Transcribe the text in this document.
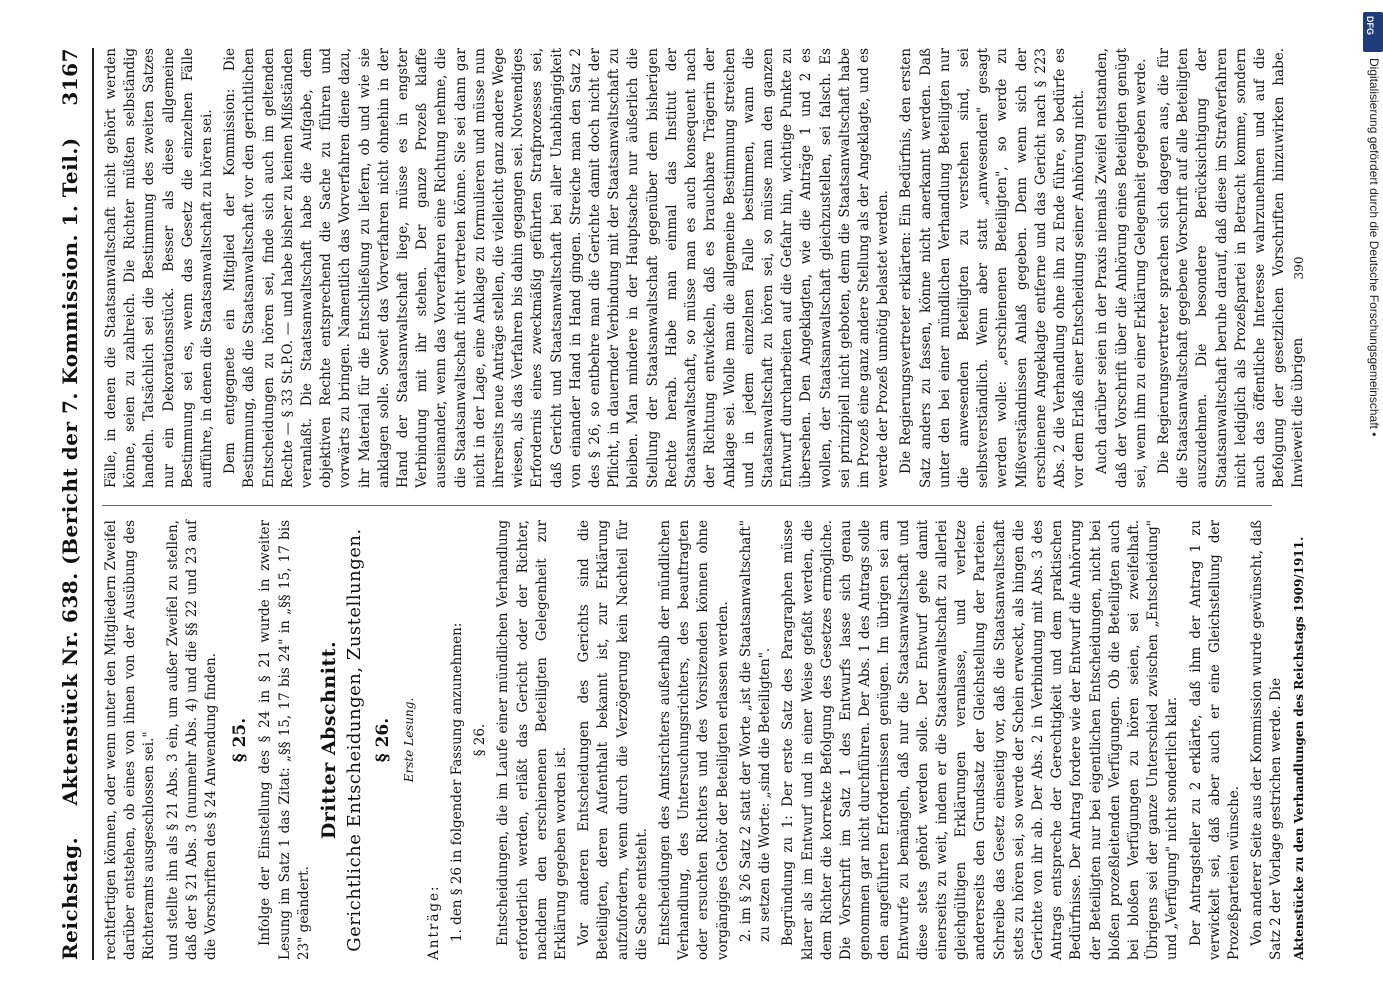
Reichstag.
Aktenstück Nr. 638. (Bericht der 7. Kommission. 1. Teil.)
3167

rechtfertigen können, oder wenn unter den Mitgliedern Zweifel darüber entstehen, ob eines von ihnen von der Ausübung des Richteramts ausgeschlossen sei." und stellte ihn als § 21 Abs. 3 ein, um außer Zweifel zu stellen, daß der § 21 Abs. 3 (nunmehr Abs. 4) und die §§ 22 und 23 auf die Vorschriften des § 24 Anwendung finden. § 25. Infolge der Einstellung des § 24 in § 21 wurde in zweiter Lesung im Satz 1 das Zitat: „§§ 15, 17 bis 24" in „§§ 15, 17 bis 23" geändert.

Dritter Abschnitt. Gerichtliche Entscheidungen, Zustellungen. § 26. Erste Lesung.

Anträge: 1. den § 26 in folgender Fassung anzunehmen: § 26. Entscheidungen, die im Laufe einer mündlichen Verhandlung erforderlich werden, erläßt das Gericht oder der Richter, nachdem den erschienenen Beteiligten Gelegenheit zur Erklärung gegeben worden ist. Vor anderen Entscheidungen des Gerichts sind die Beteiligten, deren Aufenthalt bekannt ist, zur Erklärung aufzufordern, wenn durch die Verzögerung kein Nachteil für die Sache entsteht. Entscheidungen des Amtsrichters außerhalb der mündlichen Verhandlung, des Untersuchungsrichters, des beauftragten oder ersuchten Richters und des Vorsitzenden können ohne vorgängiges Gehör der Beteiligten erlassen werden. 2. im § 26 Satz 2 statt der Worte „ist die Staatsanwaltschaft" zu setzen die Worte: „sind die Beteiligten". Begründung zu 1: Der erste Satz des Paragraphen müsse klarer als im Entwurf und in einer Weise gefaßt werden, die dem Richter die korrekte Befolgung des Gesetzes ermögliche. Die Vorschrift im Satz 1 des Entwurfs lasse sich genau genommen gar nicht durchführen. Der Abs. 1 des Antrags solle den angeführten Erfordernissen genügen. Im übrigen sei am Entwurfe zu bemängeln, daß nur die Staatsanwaltschaft und diese stets gehört werden solle. Der Entwurf gehe damit einerseits zu weit, indem er die Staatsanwaltschaft zu allerlei gleichgültigen Erklärungen veranlasse, und verletze andererseits den Grundsatz der Gleichstellung der Parteien. Schreibe das Gesetz einseitig vor, daß die Staatsanwaltschaft stets zu hören sei, so werde der Schein erweckt, als hingen die Gerichte von ihr ab. Der Abs. 2 in Verbindung mit Abs. 3 des Antrags entspreche der Gerechtigkeit und dem praktischen Bedürfnisse. Der Antrag fordere wie der Entwurf die Anhörung der Beteiligten nur bei eigentlichen Entscheidungen, nicht bei bloßen prozeßleitenden Verfügungen. Ob die Beteiligten auch bei bloßen Verfügungen zu hören seien, sei zweifelhaft. Übrigens sei der ganze Unterschied zwischen „Entscheidung" und „Verfügung" nicht sonderlich klar. Der Antragsteller zu 2 erklärte, daß ihm der Antrag 1 zu verwickelt sei, daß aber auch er eine Gleichstellung der Prozeßparteien wünsche. Von anderer Seite aus der Kommission wurde gewünscht, daß Satz 2 der Vorlage gestrichen werde. Die

Fälle, in denen die Staatsanwaltschaft nicht gehört werden könne, seien zu zahlreich. Die Richter müßten selbständig handeln. Tatsächlich sei die Bestimmung des zweiten Satzes nur ein Dekorationsstück. Besser als diese allgemeine Bestimmung sei es, wenn das Gesetz die einzelnen Fälle aufführe, in denen die Staatsanwaltschaft zu hören sei. Dem entgegnete ein Mitglied der Kommission: Die Bestimmung, daß die Staatsanwaltschaft vor den gerichtlichen Entscheidungen zu hören sei, finde sich auch im geltenden Rechte — § 33 St.P.O. — und habe bisher zu keinen Mißständen veranlaßt. Die Staatsanwaltschaft habe die Aufgabe, dem objektiven Rechte entsprechend die Sache zu führen und vorwärts zu bringen. Namentlich das Vorverfahren diene dazu, ihr Material für die Entschließung zu liefern, ob und wie sie anklagen solle. Soweit das Vorverfahren nicht ohnehin in der Hand der Staatsanwaltschaft liege, müsse es in engster Verbindung mit ihr stehen. Der ganze Prozeß klaffe auseinander, wenn das Vorverfahren eine Richtung nehme, die die Staatsanwaltschaft nicht vertreten könne. Sie sei dann gar nicht in der Lage, eine Anklage zu formulieren und müsse nun ihrerseits neue Anträge stellen, die vielleicht ganz andere Wege wiesen, als das Verfahren bis dahin gegangen sei. Notwendiges Erfordernis eines zweckmäßig geführten Strafprozesses sei, daß Gericht und Staatsanwaltschaft bei aller Unabhängigkeit von einander Hand in Hand gingen. Streiche man den Satz 2 des § 26, so entbehre man die Gerichte damit doch nicht der Pflicht, in dauernder Verbindung mit der Staatsanwaltschaft zu bleiben. Man mindere in der Hauptsache nur äußerlich die Stellung der Staatsanwaltschaft gegenüber dem bisherigen Rechte herab. Habe man einmal das Institut der Staatsanwaltschaft, so müsse man es auch konsequent nach der Richtung entwickeln, daß es brauchbare Trägerin der Anklage sei. Wolle man die allgemeine Bestimmung streichen und in jedem einzelnen Falle bestimmen, wann die Staatsanwaltschaft zu hören sei, so müsse man den ganzen Entwurf durcharbeiten auf die Gefahr hin, wichtige Punkte zu übersehen. Den Angeklagten, wie die Anträge 1 und 2 es wollen, der Staatsanwaltschaft gleichzustellen, sei falsch. Es sei prinzipiell nicht geboten, denn die Staatsanwaltschaft habe im Prozeß eine ganz andere Stellung als der Angeklagte, und es werde der Prozeß unnötig belastet werden. Die Regierungsvertreter erklärten: Ein Bedürfnis, den ersten Satz anders zu fassen, könne nicht anerkannt werden. Daß unter den bei einer mündlichen Verhandlung Beteiligten nur die anwesenden Beteiligten zu verstehen sind, sei selbstverständlich. Wenn aber statt „anwesenden" gesagt werden wolle: „erschienenen Beteiligten", so werde zu Mißverständnissen Anlaß gegeben. Denn wenn sich der erschienene Angeklagte entferne und das Gericht nach § 223 Abs. 2 die Verhandlung ohne ihn zu Ende führe, so bedürfe es vor dem Erlaß einer Entscheidung seiner Anhörung nicht. Auch darüber seien in der Praxis niemals Zweifel entstanden, daß der Vorschrift über die Anhörung eines Beteiligten genügt sei, wenn ihm zu einer Erklärung Gelegenheit gegeben werde. Die Regierungsvertreter sprachen sich dagegen aus, die für die Staatsanwaltschaft gegebene Vorschrift auf alle Beteiligten auszudehnen. Die besondere Berücksichtigung der Staatsanwaltschaft beruhe darauf, daß diese im Strafverfahren nicht lediglich als Prozeßpartei in Betracht komme, sondern auch das öffentliche Interesse wahrzunehmen und auf die Befolgung der gesetzlichen Vorschriften hinzuwirken habe. Inwieweit die übrigen

Aktenstücke zu den Verhandlungen des Reichstags 1909/1911.
390
DFG
Digitalisierung gefördert durch die Deutsche Forschungsgemeinschaft •
